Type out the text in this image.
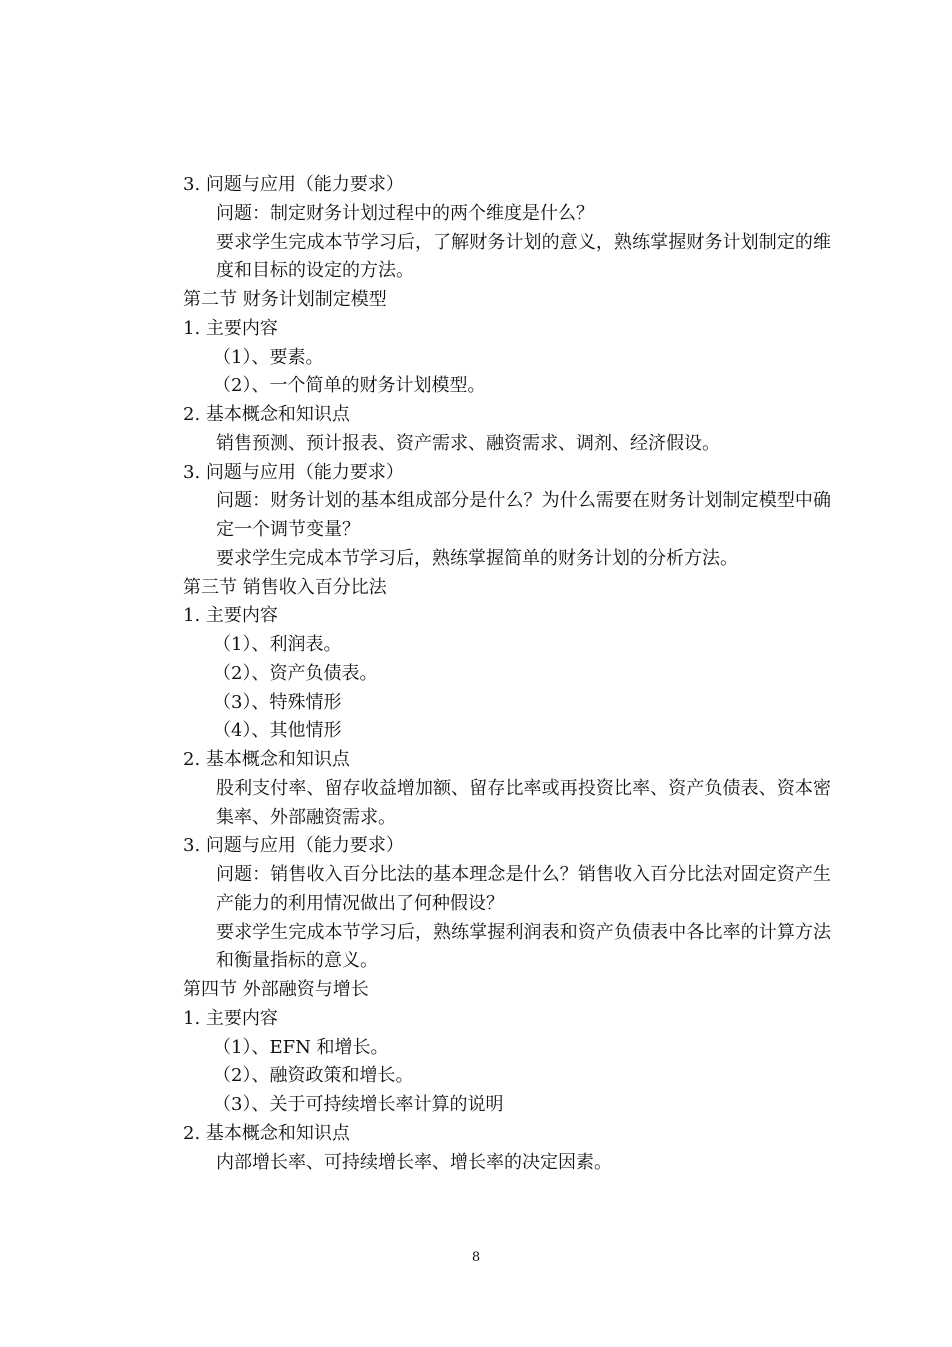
3. 问题与应用（能力要求）
问题：制定财务计划过程中的两个维度是什么？
要求学生完成本节学习后，了解财务计划的意义，熟练掌握财务计划制定的维度和目标的设定的方法。
第二节 财务计划制定模型
1. 主要内容
（1）、要素。
（2）、一个简单的财务计划模型。
2. 基本概念和知识点
销售预测、预计报表、资产需求、融资需求、调剂、经济假设。
3. 问题与应用（能力要求）
问题：财务计划的基本组成部分是什么？为什么需要在财务计划制定模型中确定一个调节变量？
要求学生完成本节学习后，熟练掌握简单的财务计划的分析方法。
第三节 销售收入百分比法
1. 主要内容
（1）、利润表。
（2）、资产负债表。
（3）、特殊情形
（4）、其他情形
2. 基本概念和知识点
股利支付率、留存收益增加额、留存比率或再投资比率、资产负债表、资本密集率、外部融资需求。
3. 问题与应用（能力要求）
问题：销售收入百分比法的基本理念是什么？销售收入百分比法对固定资产生产能力的利用情况做出了何种假设？
要求学生完成本节学习后，熟练掌握利润表和资产负债表中各比率的计算方法和衡量指标的意义。
第四节 外部融资与增长
1. 主要内容
（1）、EFN 和增长。
（2）、融资政策和增长。
（3）、关于可持续增长率计算的说明
2. 基本概念和知识点
内部增长率、可持续增长率、增长率的决定因素。
8
